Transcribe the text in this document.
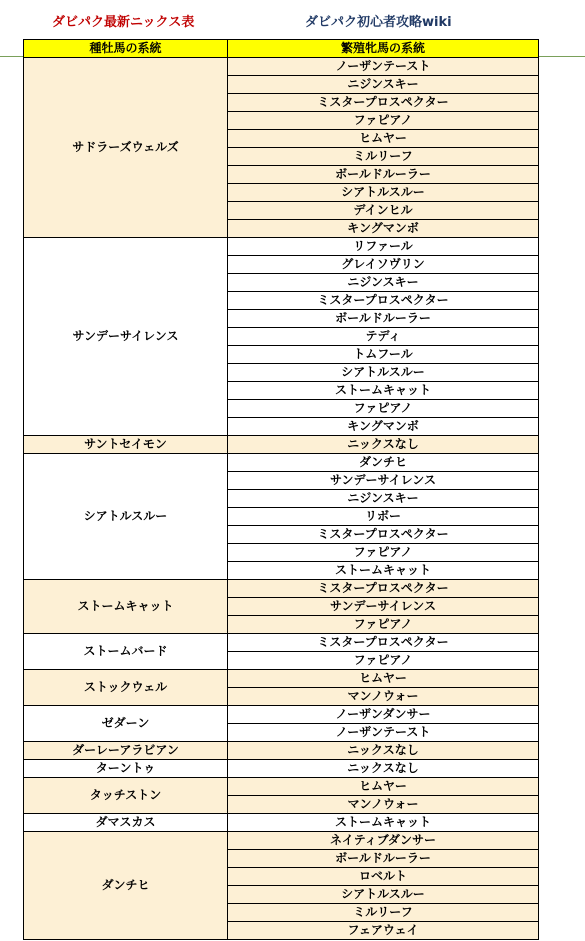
ダビパク最新ニックス表	ダビパク初心者攻略wiki
種牡馬の系統	繁殖牝馬の系統
サドラーズウェルズ	ノーザンテースト
	ニジンスキー
	ミスタープロスペクター
	ファピアノ
	ヒムヤー
	ミルリーフ
	ボールドルーラー
	シアトルスルー
	デインヒル
	キングマンボ
サンデーサイレンス	リファール
	グレイソヴリン
	ニジンスキー
	ミスタープロスペクター
	ボールドルーラー
	テディ
	トムフール
	シアトルスルー
	ストームキャット
	ファピアノ
	キングマンボ
サントセイモン	ニックスなし
シアトルスルー	ダンチヒ
	サンデーサイレンス
	ニジンスキー
	リボー
	ミスタープロスペクター
	ファピアノ
	ストームキャット
ストームキャット	ミスタープロスペクター
	サンデーサイレンス
	ファピアノ
ストームバード	ミスタープロスペクター
	ファピアノ
ストックウェル	ヒムヤー
	マンノウォー
ゼダーン	ノーザンダンサー
	ノーザンテースト
ダーレーアラビアン	ニックスなし
ターントゥ	ニックスなし
タッチストン	ヒムヤー
	マンノウォー
ダマスカス	ストームキャット
ダンチヒ	ネイティブダンサー
	ボールドルーラー
	ロベルト
	シアトルスルー
	ミルリーフ
	フェアウェイ
